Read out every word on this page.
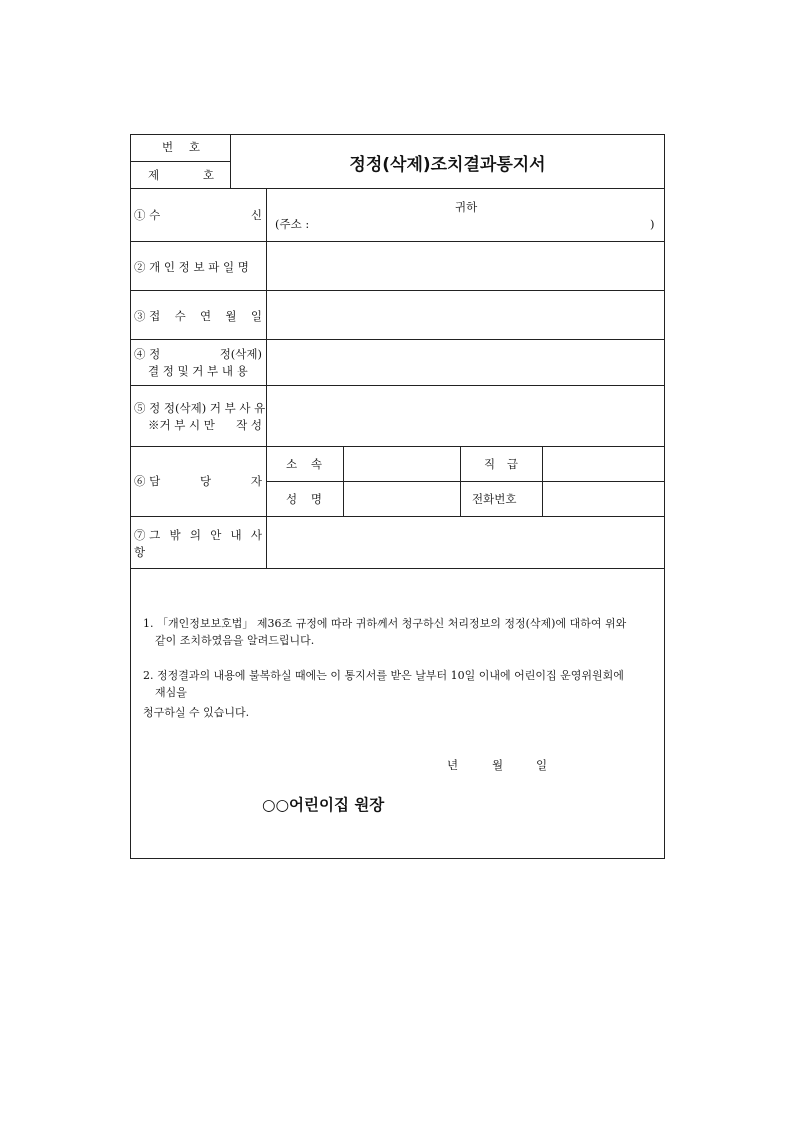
번 호
제	호	정정(삭제)조치결과통지서
① 수	신
귀하
(주소 :	)
② 개 인 정 보 파 일 명
③ 접 수 연 월 일
④ 정	정(삭제)
결 정 및 거 부 내 용
⑤ 정 정(삭제) 거 부 사 유
※거 부 시 만 작 성
⑥ 담	당	자
소 속	직 급
성 명	전화번호
⑦ 그 밖 의 안 내 사
항
1. 「개인정보보호법」 제36조 규정에 따라 귀하께서 청구하신 처리정보의 정정(삭제)에 대하여 위와
같이 조치하였음을 알려드립니다.
2. 정정결과의 내용에 불복하실 때에는 이 통지서를 받은 날부터 10일 이내에 어린이집 운영위원회에
재심을
청구하실 수 있습니다.
년	월	일
○○어린이집 원장
